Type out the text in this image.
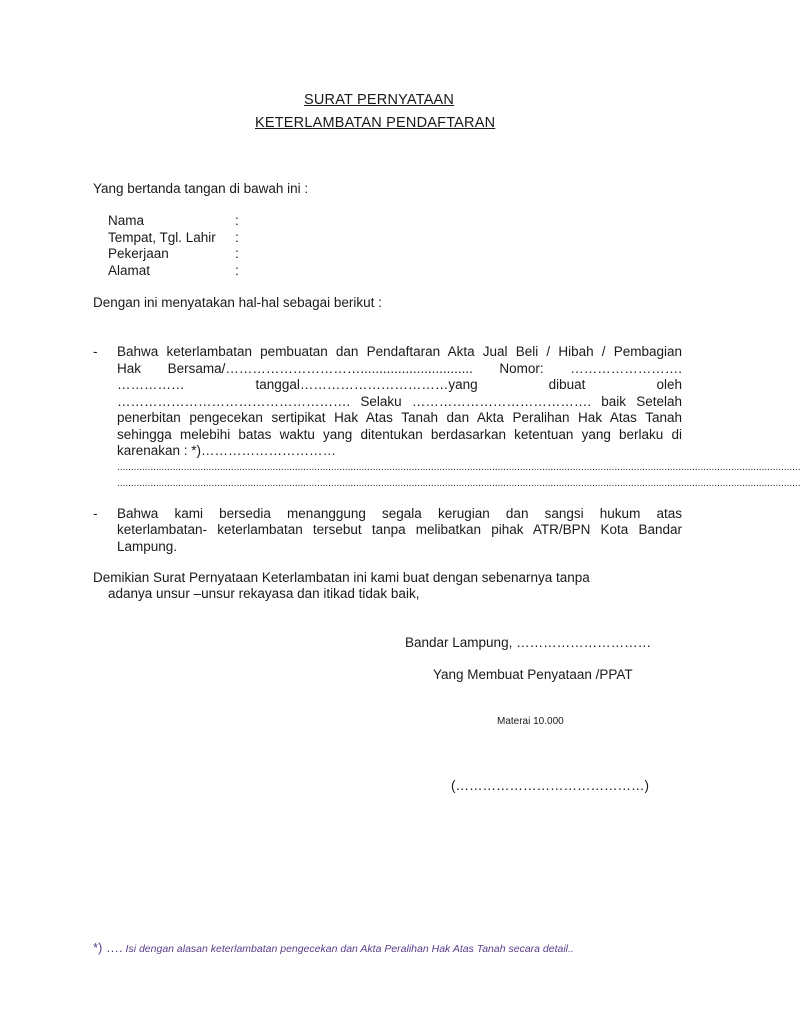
SURAT PERNYATAAN
KETERLAMBATAN PENDAFTARAN
Yang bertanda tangan di bawah ini :
Nama	:
Tempat, Tgl. Lahir :
Pekerjaan	:
Alamat	:
Dengan ini menyatakan hal-hal sebagai berikut :
- Bahwa keterlambatan pembuatan dan Pendaftaran Akta Jual Beli / Hibah / Pembagian
Hak Bersama/………………………….............................. Nomor: …………………….
…………… tanggal……………………………yang dibuat oleh
……………………………………………. Selaku …………………………………. baik Setelah
penerbitan pengecekan sertipikat Hak Atas Tanah dan Akta Peralihan Hak Atas Tanah
sehingga melebihi batas waktu yang ditentukan berdasarkan ketentuan yang berlaku di
karenakan : *)…………………………
......................................................................................................................................................................................................................................................
......................................................................................................................................................................................................................................................
- Bahwa kami bersedia menanggung segala kerugian dan sangsi hukum atas
keterlambatan- keterlambatan tersebut tanpa melibatkan pihak ATR/BPN Kota Bandar
Lampung.
Demikian Surat Pernyataan Keterlambatan ini kami buat dengan sebenarnya tanpa
adanya unsur –unsur rekayasa dan itikad tidak baik,
Bandar Lampung, …………………………
Yang Membuat Penyataan /PPAT
Materai 10.000
(……………………………………)
*) …. Isi dengan alasan keterlambatan pengecekan dan Akta Peralihan Hak Atas Tanah secara detail..
